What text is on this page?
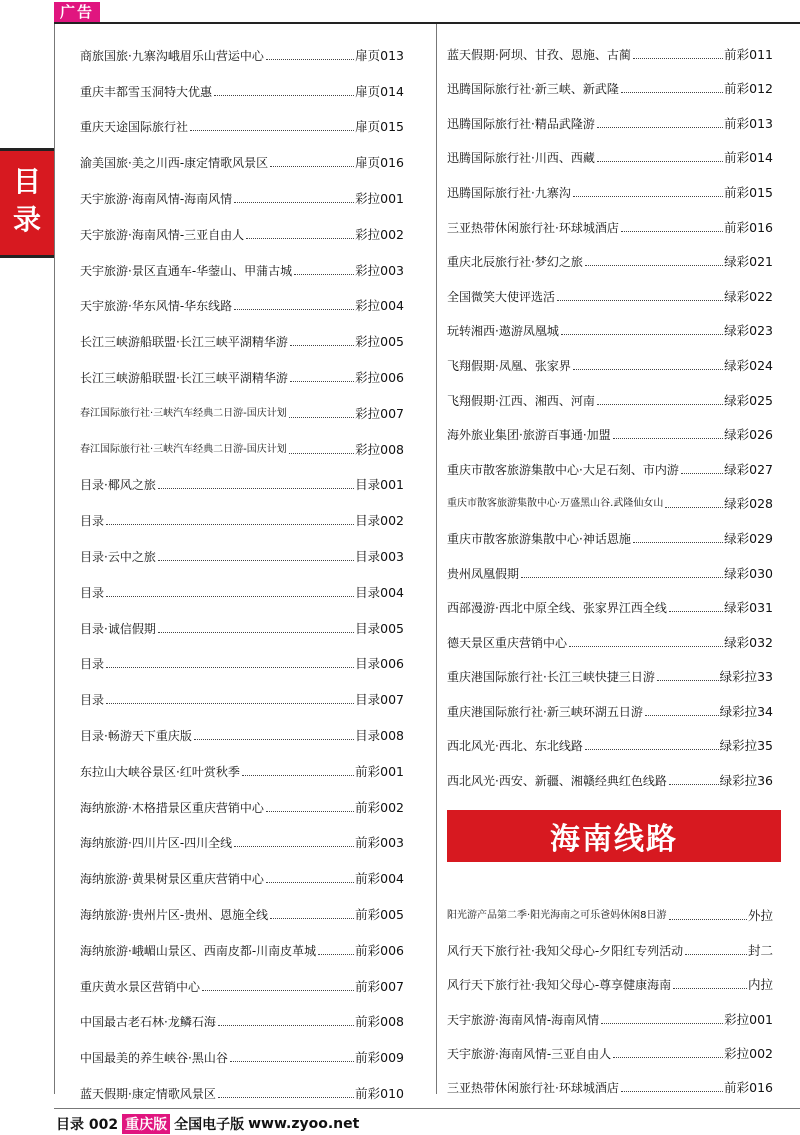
广告
目
录
商旅国旅·九寨沟峨眉乐山营运中心	扉页013
重庆丰都雪玉洞特大优惠	扉页014
重庆天途国际旅行社	扉页015
渝美国旅·美之川西-康定情歌风景区	扉页016
天宇旅游·海南风情-海南风情	彩拉001
天宇旅游·海南风情-三亚自由人	彩拉002
天宇旅游·景区直通车-华蓥山、甲蒲古城	彩拉003
天宇旅游·华东风情-华东线路	彩拉004
长江三峡游船联盟·长江三峡平湖精华游	彩拉005
长江三峡游船联盟·长江三峡平湖精华游	彩拉006
春江国际旅行社·三峡汽车经典二日游-国庆计划	彩拉007
春江国际旅行社·三峡汽车经典二日游-国庆计划	彩拉008
目录·椰风之旅	目录001
目录	目录002
目录·云中之旅	目录003
目录	目录004
目录·诚信假期	目录005
目录	目录006
目录	目录007
目录·畅游天下重庆版	目录008
东拉山大峡谷景区·红叶赏秋季	前彩001
海纳旅游·木格措景区重庆营销中心	前彩002
海纳旅游·四川片区-四川全线	前彩003
海纳旅游·黄果树景区重庆营销中心	前彩004
海纳旅游·贵州片区-贵州、恩施全线	前彩005
海纳旅游·峨嵋山景区、西南皮都-川南皮革城	前彩006
重庆黄水景区营销中心	前彩007
中国最古老石林·龙鳞石海	前彩008
中国最美的养生峡谷·黑山谷	前彩009
蓝天假期·康定情歌风景区	前彩010
蓝天假期·阿坝、甘孜、恩施、古蔺	前彩011
迅腾国际旅行社·新三峡、新武隆	前彩012
迅腾国际旅行社·精品武隆游	前彩013
迅腾国际旅行社·川西、西藏	前彩014
迅腾国际旅行社·九寨沟	前彩015
三亚热带休闲旅行社·环球城酒店	前彩016
重庆北辰旅行社·梦幻之旅	绿彩021
全国微笑大使评选活	绿彩022
玩转湘西·遨游凤凰城	绿彩023
飞翔假期·凤凰、张家界	绿彩024
飞翔假期·江西、湘西、河南	绿彩025
海外旅业集团·旅游百事通·加盟	绿彩026
重庆市散客旅游集散中心·大足石刻、市内游	绿彩027
重庆市散客旅游集散中心·万盛黑山谷.武隆仙女山	绿彩028
重庆市散客旅游集散中心·神话恩施	绿彩029
贵州凤凰假期	绿彩030
西部漫游·西北中原全线、张家界江西全线	绿彩031
德天景区重庆营销中心	绿彩032
重庆港国际旅行社·长江三峡快捷三日游	绿彩拉33
重庆港国际旅行社·新三峡环湖五日游	绿彩拉34
西北风光·西北、东北线路	绿彩拉35
西北风光·西安、新疆、湘赣经典红色线路	绿彩拉36
海南线路
阳光游产品第二季·阳光海南之可乐爸妈休闲8日游	外拉
风行天下旅行社·我知父母心-夕阳红专列活动	封二
风行天下旅行社·我知父母心-尊享健康海南	内拉
天宇旅游·海南风情-海南风情	彩拉001
天宇旅游·海南风情-三亚自由人	彩拉002
三亚热带休闲旅行社·环球城酒店	前彩016
目录 002 重庆版 全国电子版 www.zyoo.net
